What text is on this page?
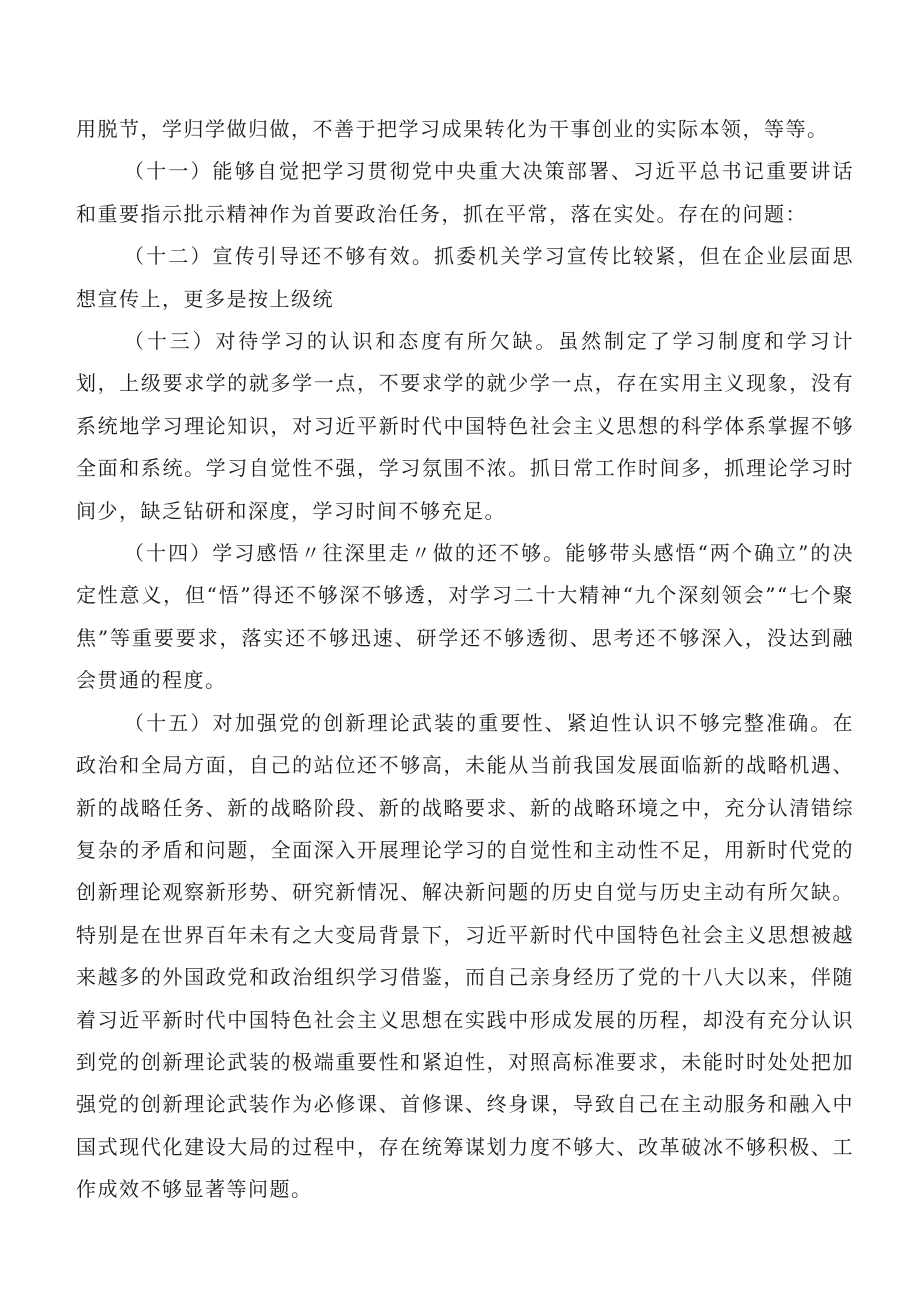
用脱节，学归学做归做，不善于把学习成果转化为干事创业的实际本领，等等。

（十一）能够自觉把学习贯彻党中央重大决策部署、习近平总书记重要讲话和重要指示批示精神作为首要政治任务，抓在平常，落在实处。存在的问题：

（十二）宣传引导还不够有效。抓委机关学习宣传比较紧，但在企业层面思想宣传上，更多是按上级统

（十三）对待学习的认识和态度有所欠缺。虽然制定了学习制度和学习计划，上级要求学的就多学一点，不要求学的就少学一点，存在实用主义现象，没有系统地学习理论知识，对习近平新时代中国特色社会主义思想的科学体系掌握不够全面和系统。学习自觉性不强，学习氛围不浓。抓日常工作时间多，抓理论学习时间少，缺乏钻研和深度，学习时间不够充足。

（十四）学习感悟〃往深里走〃做的还不够。能够带头感悟“两个确立”的决定性意义，但“悟”得还不够深不够透，对学习二十大精神“九个深刻领会”“七个聚焦”等重要要求，落实还不够迅速、研学还不够透彻、思考还不够深入，没达到融会贯通的程度。

（十五）对加强党的创新理论武装的重要性、紧迫性认识不够完整准确。在政治和全局方面，自己的站位还不够高，未能从当前我国发展面临新的战略机遇、新的战略任务、新的战略阶段、新的战略要求、新的战略环境之中，充分认清错综复杂的矛盾和问题，全面深入开展理论学习的自觉性和主动性不足，用新时代党的创新理论观察新形势、研究新情况、解决新问题的历史自觉与历史主动有所欠缺。特别是在世界百年未有之大变局背景下，习近平新时代中国特色社会主义思想被越来越多的外国政党和政治组织学习借鉴，而自己亲身经历了党的十八大以来，伴随着习近平新时代中国特色社会主义思想在实践中形成发展的历程，却没有充分认识到党的创新理论武装的极端重要性和紧迫性，对照高标准要求，未能时时处处把加强党的创新理论武装作为必修课、首修课、终身课，导致自己在主动服务和融入中国式现代化建设大局的过程中，存在统筹谋划力度不够大、改革破冰不够积极、工作成效不够显著等问题。
